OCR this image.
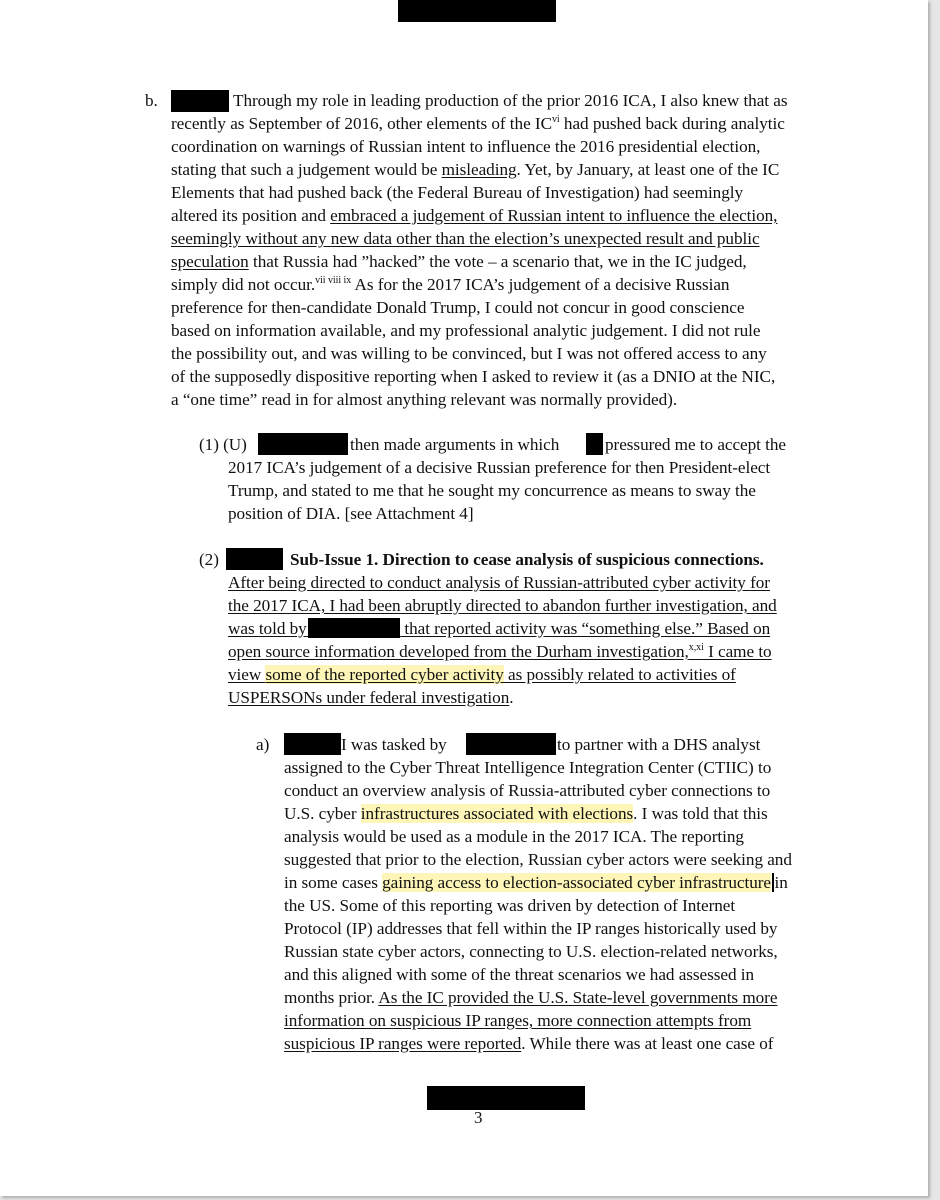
b.	Through my role in leading production of the prior 2016 ICA, I also knew that as
recently as September of 2016, other elements of the IC$^{vi}$ had pushed back during analytic
coordination on warnings of Russian intent to influence the 2016 presidential election,
stating that such a judgement would be misleading. Yet, by January, at least one of the IC
Elements that had pushed back (the Federal Bureau of Investigation) had seemingly
altered its position and embraced a judgement of Russian intent to influence the election,
seemingly without any new data other than the election’s unexpected result and public
speculation that Russia had ”hacked” the vote – a scenario that, we in the IC judged,
simply did not occur.$^{vii viii ix}$ As for the 2017 ICA’s judgement of a decisive Russian
preference for then-candidate Donald Trump, I could not concur in good conscience
based on information available, and my professional analytic judgement. I did not rule
the possibility out, and was willing to be convinced, but I was not offered access to any
of the supposedly dispositive reporting when I asked to review it (as a DNIO at the NIC,
a “one time” read in for almost anything relevant was normally provided).
(1) (U)	then made arguments in which	pressured me to accept the
2017 ICA’s judgement of a decisive Russian preference for then President-elect
Trump, and stated to me that he sought my concurrence as means to sway the
position of DIA. [see Attachment 4]
(2)	Sub-Issue 1. Direction to cease analysis of suspicious connections.
After being directed to conduct analysis of Russian-attributed cyber activity for
the 2017 ICA, I had been abruptly directed to abandon further investigation, and
was told by 	that reported activity was “something else.” Based on
open source information developed from the Durham investigation,$^{x,xi}$ I came to
view some of the reported cyber activity as possibly related to activities of
USPERSONs under federal investigation.
a)	I was tasked by	to partner with a DHS analyst
assigned to the Cyber Threat Intelligence Integration Center (CTIIC) to
conduct an overview analysis of Russia-attributed cyber connections to
U.S. cyber infrastructures associated with elections. I was told that this
analysis would be used as a module in the 2017 ICA. The reporting
suggested that prior to the election, Russian cyber actors were seeking and
in some cases gaining access to election-associated cyber infrastructure in
the US. Some of this reporting was driven by detection of Internet
Protocol (IP) addresses that fell within the IP ranges historically used by
Russian state cyber actors, connecting to U.S. election-related networks,
and this aligned with some of the threat scenarios we had assessed in
months prior. As the IC provided the U.S. State-level governments more
information on suspicious IP ranges, more connection attempts from
suspicious IP ranges were reported. While there was at least one case of
3
